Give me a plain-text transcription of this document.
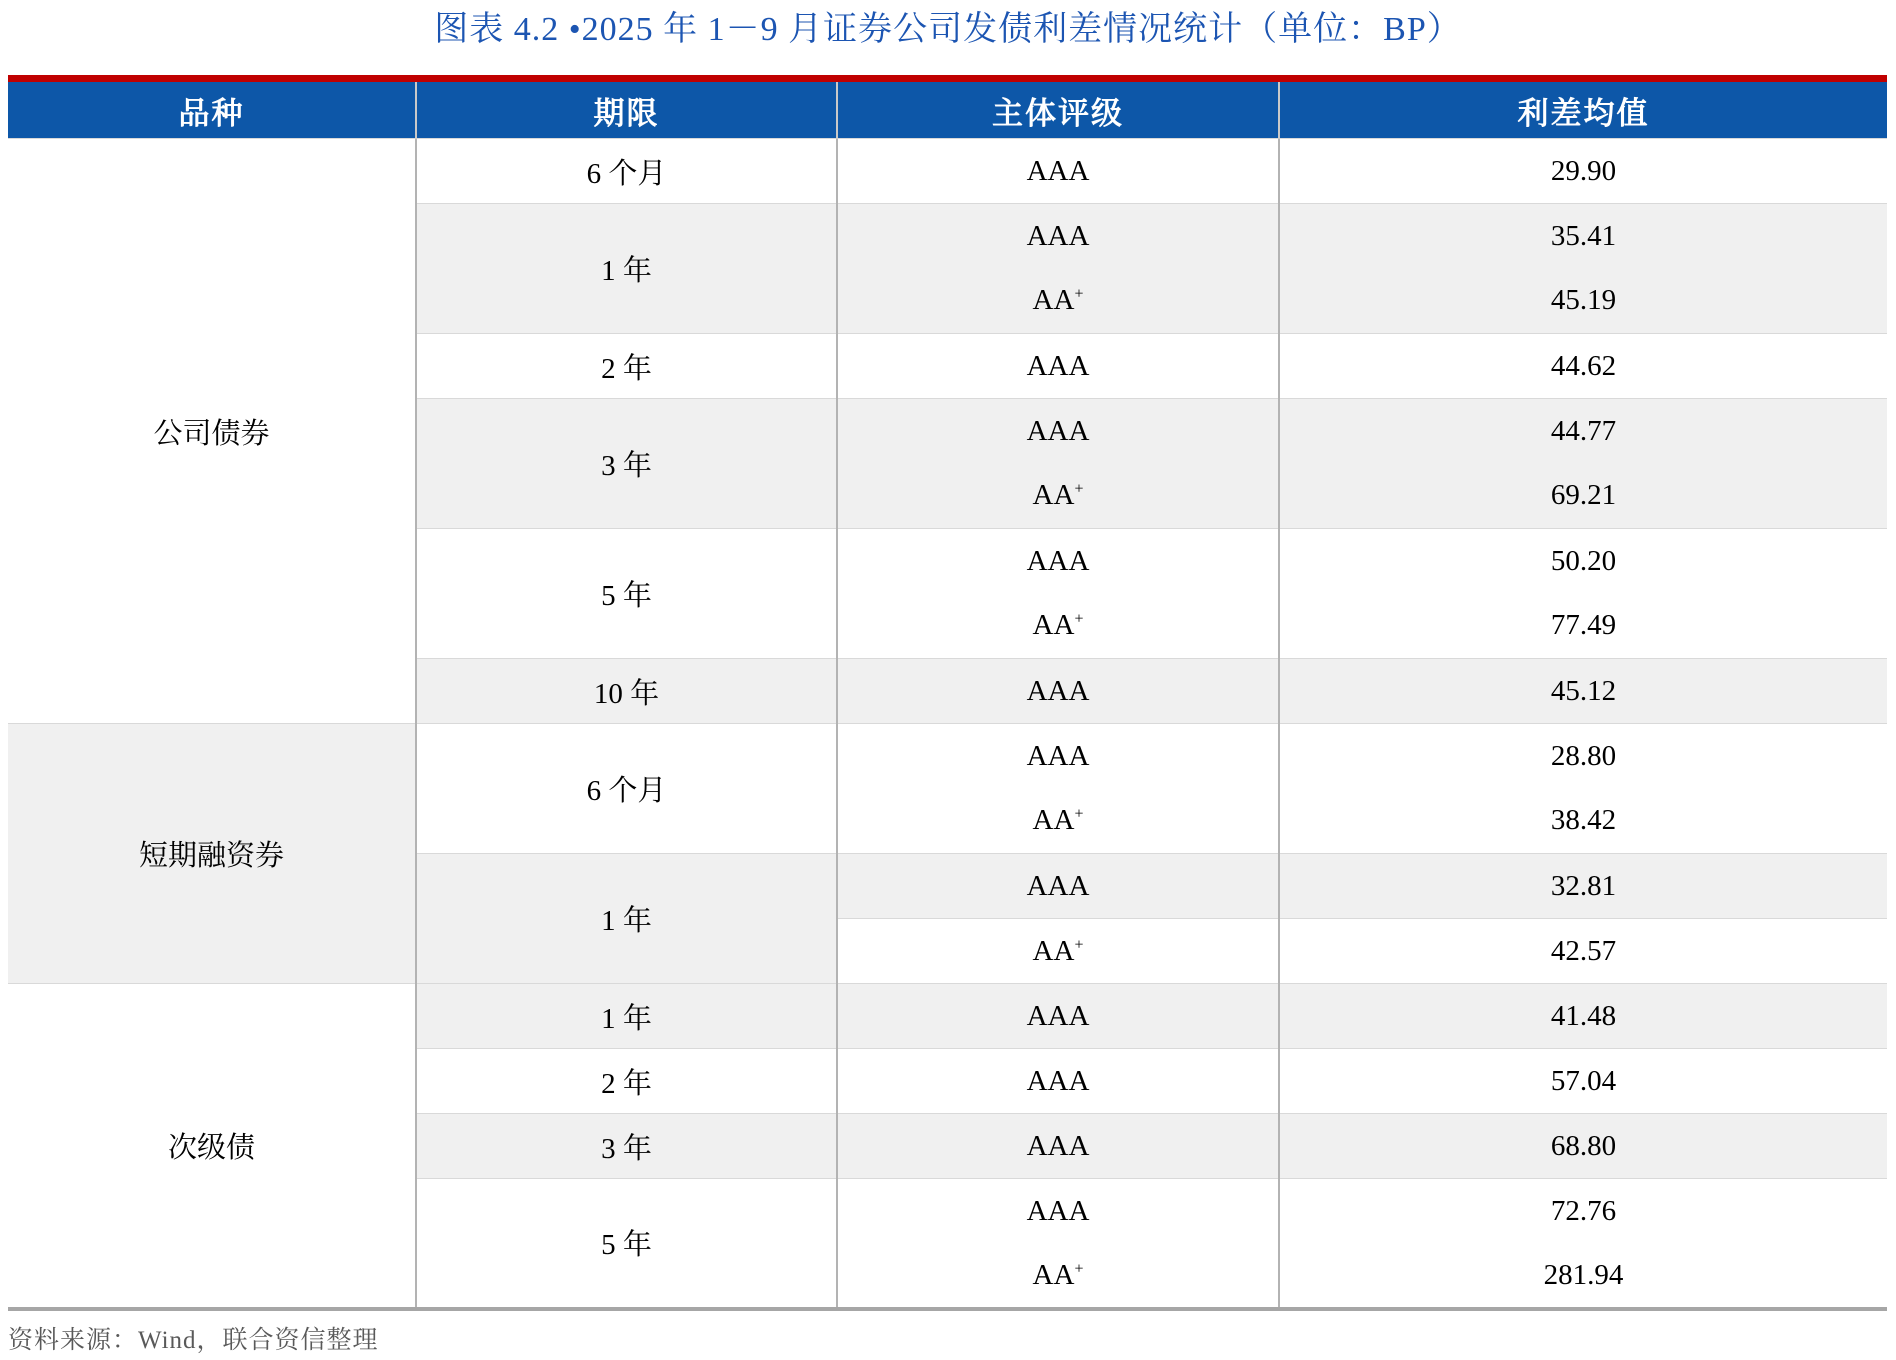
图表 4.2 •2025 年 1－9 月证券公司发债利差情况统计（单位：BP）
品种	期限	主体评级	利差均值
公司债券	6 个月	AAA	29.90
	1 年	AAA	35.41
		AA+	45.19
	2 年	AAA	44.62
	3 年	AAA	44.77
		AA+	69.21
	5 年	AAA	50.20
		AA+	77.49
	10 年	AAA	45.12
短期融资券	6 个月	AAA	28.80
		AA+	38.42
	1 年	AAA	32.81
		AA+	42.57
次级债	1 年	AAA	41.48
	2 年	AAA	57.04
	3 年	AAA	68.80
	5 年	AAA	72.76
		AA+	281.94
资料来源：Wind，联合资信整理
